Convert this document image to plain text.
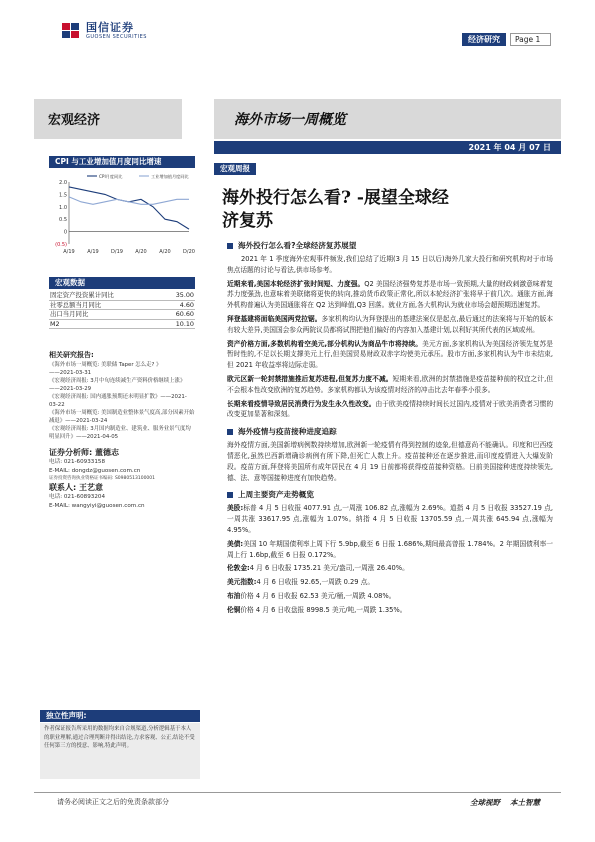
国信证券
GUOSEN SECURITIES	经济研究	Page 1
宏观经济	海外市场一周概览
2021 年 04 月 07 日
CPI 与工业增加值月度同比增速
2.0
1.5
1.0
0.5
0
(0.5)
A/19	A/19 D/19 A/20	A/20 D/20
CPI月度同比	工业增加值月度同比
宏观数据
固定资产投资累计同比	35.00
社零总额当月同比	4.60
出口当月同比	60.60
M2	10.10
相关研究报告:
《海外市场一周概览: 美联储 Taper 怎么走? 》
——2021-03-31
《宏观经济周报: 3月中旬连续减生产资料价格继续上涨》——2021-03-29
《宏观经济周报: 国内通胀预期还未明显扩散》——2021-03-22
《海外市场一周概览: 美国制造业整体景气度高,部分因素开始减退》——2021-03-24
《宏观经济周报: 3月国内制造业、建筑业、服务业景气度均明显回升》——2021-04-05
证券分析师: 董德志
电话: 021-60933158
E-MAIL: dongdz@guosen.com.cn
证券投资咨询执业资格证书编码: S0980513100001
联系人: 王艺意
电话: 021-60893204
E-MAIL: wangyiyi@guosen.com.cn
独立性声明:
作者保证报告所采用的数据均来自合规渠道,分析逻辑基于本人的职业理解,通过合理判断并得出结论,力求客观、公正,结论不受任何第三方的授意、影响,特此声明。
宏观周报
海外投行怎么看? -展望全球经
济复苏
海外投行怎么看?全球经济复苏展望
2021 年 1 季度海外宏观事件频发,我们总结了近期(3 月 15 日以后)海外几家大投行和研究机构对于市场焦点话题的讨论与看法,供市场参考。
近期来看,美国本轮经济扩张时间短、力度强。Q2 美国经济强势复苏是市场一致预期,大量的财政刺激意味着复苏力度强劲,也意味着美联储将更快的转向,推动货币政策正常化,所以本轮经济扩张将早于前几次。通胀方面,海外机构普遍认为美国通胀将在 Q2 达到峰值,Q3 回落。就业方面,各大机构认为就业市场会超预期迅速复苏。
拜登基建将面临美国两党拉锯。多家机构均认为拜登提出的基建法案仅是起点,最后通过的法案将与开始的版本有较大差异,美国国会参众两院议员都将试图把他们偏好的内容加入基建计划,以利好其所代表的区域或州。
资产价格方面,多数机构看空美元,部分机构认为商品牛市将持续。美元方面,多家机构认为美国经济领先复苏是暂时性的,不足以长期支撑美元上行,但美国贸易财政双赤字均使美元承压。股市方面,多家机构认为牛市未结束,但 2021 年收益率将边际走弱。
欧元区新一轮封禁措施推后复苏进程,但复苏力度不减。短期来看,欧洲的封禁措施是疫苗接种前的权宜之计,但不会根本性改变欧洲的复苏趋势。多家机构都认为该疫情对经济的冲击比去年春季小很多。
长期来看疫情导致居民消费行为发生永久性改变。由于欧美疫情持续时间长过国内,疫情对于欧美消费者习惯的改变更加显著和深刻。
海外疫情与疫苗接种进度追踪
海外疫情方面,美国新增病例数持续增加,欧洲新一轮疫情有得到控制的迹象,但德意尚不能确认。印度和巴西疫情恶化,虽然巴西新增确诊病例有所下降,但死亡人数上升。疫苗接种还在逐步推进,而印度疫情进入大爆发阶段。疫苗方面,拜登将美国所有成年居民在 4 月 19 日前都将获得疫苗接种资格。日前美国接种进度持续领先,德、法、意等国接种进度有加快趋势。
上周主要资产走势概览
美股:标普 4 月 5 日收报 4077.91 点,一周涨 106.82 点,涨幅为 2.69%。道指 4 月 5 日收报 33527.19 点,一周共涨 33617.95 点,涨幅为 1.07%。纳指 4 月 5 日收报 13705.59 点,一周共涨 645.94 点,涨幅为 4.95%。
美债:美国 10 年期国债利率上周下行 5.9bp,截至 6 日报 1.686%,期间最高曾报 1.784%。2 年期国债利率一周上行 1.6bp,截至 6 日报 0.172%。
伦敦金:4 月 6 日收报 1735.21 美元/盎司,一周涨 26.40%。
美元指数:4 月 6 日收报 92.65,一周跌 0.29 点。
布油价格 4 月 6 日收报 62.53 美元/桶,一周跌 4.08%。
伦铜价格 4 月 6 日收盘报 8998.5 美元/吨,一周跌 1.35%。
请务必阅读正文之后的免责条款部分	全球视野 本土智慧
